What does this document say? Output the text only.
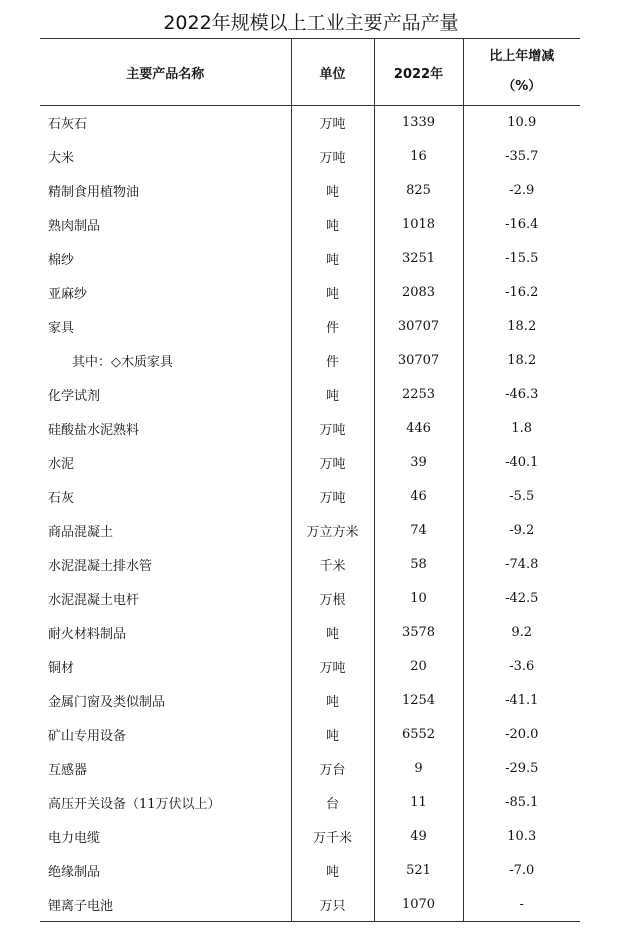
2022年规模以上工业主要产品产量
主要产品名称	单位	2022年	比上年增减
（%）

石灰石	万吨	1339	10.9
大米	万吨	16	-35.7
精制食用植物油	吨	825	-2.9
熟肉制品	吨	1018	-16.4
棉纱	吨	3251	-15.5
亚麻纱	吨	2083	-16.2
家具	件	30707	18.2
其中：◇木质家具	件	30707	18.2
化学试剂	吨	2253	-46.3
硅酸盐水泥熟料	万吨	446	1.8
水泥	万吨	39	-40.1
石灰	万吨	46	-5.5
商品混凝土	万立方米	74	-9.2
水泥混凝土排水管	千米	58	-74.8
水泥混凝土电杆	万根	10	-42.5
耐火材料制品	吨	3578	9.2
铜材	万吨	20	-3.6
金属门窗及类似制品	吨	1254	-41.1
矿山专用设备	吨	6552	-20.0
互感器	万台	9	-29.5
高压开关设备（11万伏以上）	台	11	-85.1
电力电缆	万千米	49	10.3
绝缘制品	吨	521	-7.0
锂离子电池	万只	1070	-
